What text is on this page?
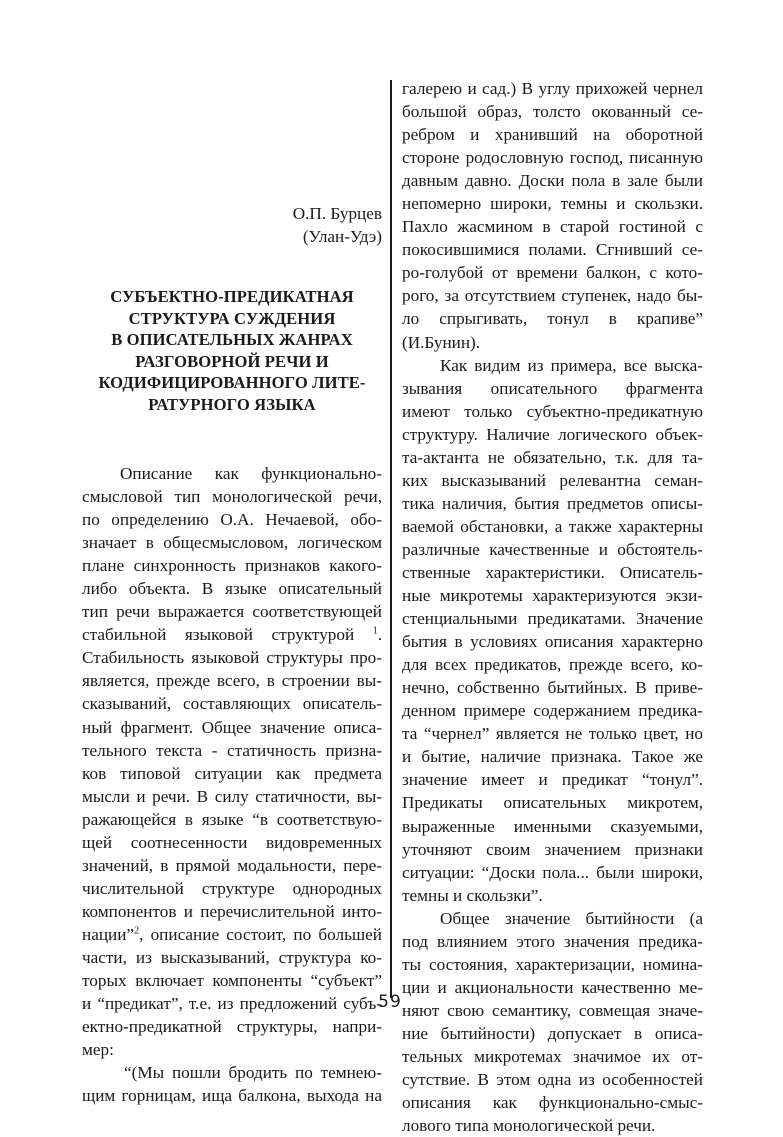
О.П. Бурцев
(Улан-Удэ)
СУБЪЕКТНО-ПРЕДИКАТНАЯ
СТРУКТУРА СУЖДЕНИЯ
В ОПИСАТЕЛЬНЫХ ЖАНРАХ
РАЗГОВОРНОЙ РЕЧИ И
КОДИФИЦИРОВАННОГО ЛИТЕ-
РАТУРНОГО ЯЗЫКА
Описание как функционально-
смысловой тип монологической речи,
по определению О.А. Нечаевой, обо-
значает в общесмысловом, логическом
плане синхронность признаков какого-
либо объекта. В языке описательный
тип речи выражается соответствующей
стабильной языковой структурой $^1$.
Стабильность языковой структуры про-
является, прежде всего, в строении вы-
сказываний, составляющих описатель-
ный фрагмент. Общее значение описа-
тельного текста - статичность призна-
ков типовой ситуации как предмета
мысли и речи. В силу статичности, вы-
ражающейся в языке “в соответствую-
щей соотнесенности видовременных
значений, в прямой модальности, пере-
числительной структуре однородных
компонентов и перечислительной инто-
нации”$^2$, описание состоит, по большей
части, из высказываний, структура ко-
торых включает компоненты “субъект”
и “предикат”, т.е. из предложений субъ-
ектно-предикатной структуры, напри-
мер:
“(Мы пошли бродить по темнею-
щим горницам, ища балкона, выхода на
галерею и сад.) В углу прихожей чернел
большой образ, толсто окованный се-
ребром и хранивший на оборотной
стороне родословную господ, писанную
давным давно. Доски пола в зале были
непомерно широки, темны и скользки.
Пахло жасмином в старой гостиной с
покосившимися полами. Сгнивший се-
ро-голубой от времени балкон, с кото-
рого, за отсутствием ступенек, надо бы-
ло спрыгивать, тонул в крапиве”
(И.Бунин).
Как видим из примера, все выска-
зывания описательного фрагмента
имеют только субъектно-предикатную
структуру. Наличие логического объек-
та-актанта не обязательно, т.к. для та-
ких высказываний релевантна семан-
тика наличия, бытия предметов описы-
ваемой обстановки, а также характерны
различные качественные и обстоятель-
ственные характеристики. Описатель-
ные микротемы характеризуются экзи-
стенциальными предикатами. Значение
бытия в условиях описания характерно
для всех предикатов, прежде всего, ко-
нечно, собственно бытийных. В приве-
денном примере содержанием предика-
та “чернел” является не только цвет, но
и бытие, наличие признака. Такое же
значение имеет и предикат “тонул”.
Предикаты описательных микротем,
выраженные именными сказуемыми,
уточняют своим значением признаки
ситуации: “Доски пола... были широки,
темны и скользки”.
Общее значение бытийности (а
под влиянием этого значения предика-
ты состояния, характеризации, номина-
ции и акциональности качественно ме-
няют свою семантику, совмещая значе-
ние бытийности) допускает в описа-
тельных микротемах значимое их от-
сутствие. В этом одна из особенностей
описания как функционально-смыс-
лового типа монологической речи.
59
